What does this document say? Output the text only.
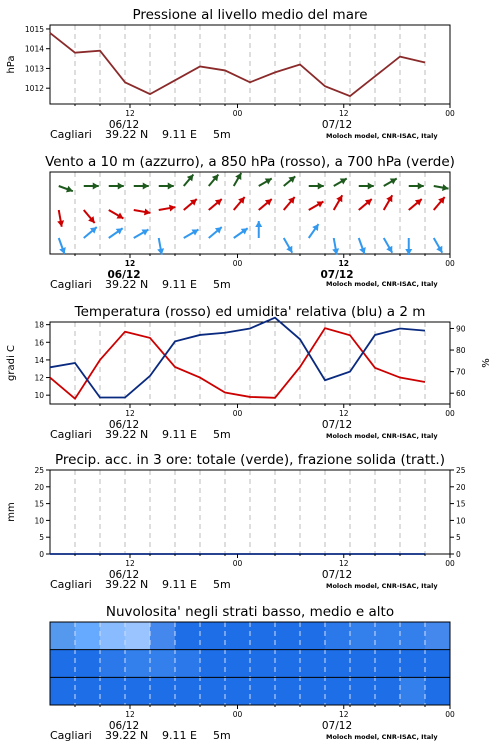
Pressione al livello medio del mare
1012
1013
1014
1015
hPa
12	00	12	00
06/12	07/12
Cagliari 39.22 N 9.11 E 5m	Moloch model, CNR-ISAC, Italy
Vento a 10 m (azzurro), a 850 hPa (rosso), a 700 hPa (verde)
12	00	12	00
06/12	07/12
Cagliari 39.22 N 9.11 E 5m	Moloch model, CNR-ISAC, Italy
Temperatura (rosso) ed umidita' relativa (blu) a 2 m
10
12
14
16
18
60
70
80
90
gradi C	%
12	00	12	00
06/12	07/12
Cagliari 39.22 N 9.11 E 5m	Moloch model, CNR-ISAC, Italy
Precip. acc. in 3 ore: totale (verde), frazione solida (tratt.)
0
5
10
15
20
25
0
5
10
15
20
25
mm
12	00	12	00
06/12	07/12
Cagliari 39.22 N 9.11 E 5m	Moloch model, CNR-ISAC, Italy
Nuvolosita' negli strati basso, medio e alto
12	00	12	00
06/12	07/12
Cagliari 39.22 N 9.11 E 5m	Moloch model, CNR-ISAC, Italy
